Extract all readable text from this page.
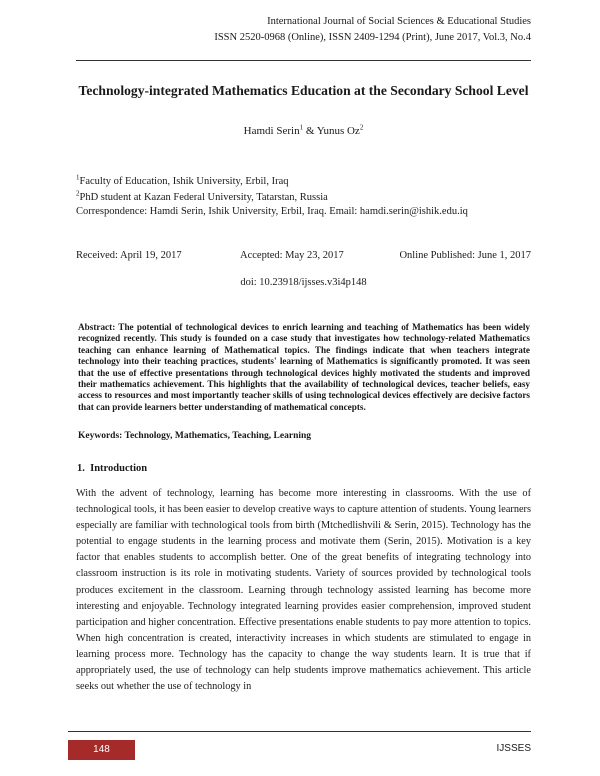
International Journal of Social Sciences & Educational Studies
ISSN 2520-0968 (Online), ISSN 2409-1294 (Print), June 2017, Vol.3, No.4
Technology-integrated Mathematics Education at the Secondary School Level
Hamdi Serin$^1$ & Yunus Oz$^2$
$^1$Faculty of Education, Ishik University, Erbil, Iraq
$^2$PhD student at Kazan Federal University, Tatarstan, Russia
Correspondence: Hamdi Serin, Ishik University, Erbil, Iraq. Email: hamdi.serin@ishik.edu.iq
Received: April 19, 2017	Accepted: May 23, 2017	Online Published: June 1, 2017
doi: 10.23918/ijsses.v3i4p148
Abstract: The potential of technological devices to enrich learning and teaching of Mathematics has been widely recognized recently. This study is founded on a case study that investigates how technology-related Mathematics teaching can enhance learning of Mathematical topics. The findings indicate that when teachers integrate technology into their teaching practices, students' learning of Mathematics is significantly promoted. It was seen that the use of effective presentations through technological devices highly motivated the students and improved their mathematics achievement. This highlights that the availability of technological devices, teacher beliefs, easy access to resources and most importantly teacher skills of using technological devices effectively are decisive factors that can provide learners better understanding of mathematical concepts.
Keywords: Technology, Mathematics, Teaching, Learning
1.  Introduction
With the advent of technology, learning has become more interesting in classrooms. With the use of technological tools, it has been easier to develop creative ways to capture attention of students. Young learners especially are familiar with technological tools from birth (Mtchedlishvili & Serin, 2015). Technology has the potential to engage students in the learning process and motivate them (Serin, 2015). Motivation is a key factor that enables students to accomplish better. One of the great benefits of integrating technology into classroom instruction is its role in motivating students. Variety of sources provided by technological tools produces excitement in the classroom. Learning through technology assisted learning has become more interesting and enjoyable. Technology integrated learning provides easier comprehension, improved student participation and higher concentration. Effective presentations enable students to pay more attention to topics. When high concentration is created, interactivity increases in which students are stimulated to engage in learning process more. Technology has the capacity to change the way students learn. It is true that if appropriately used, the use of technology can help students improve mathematics achievement. This article seeks out whether the use of technology in
148	IJSSES
